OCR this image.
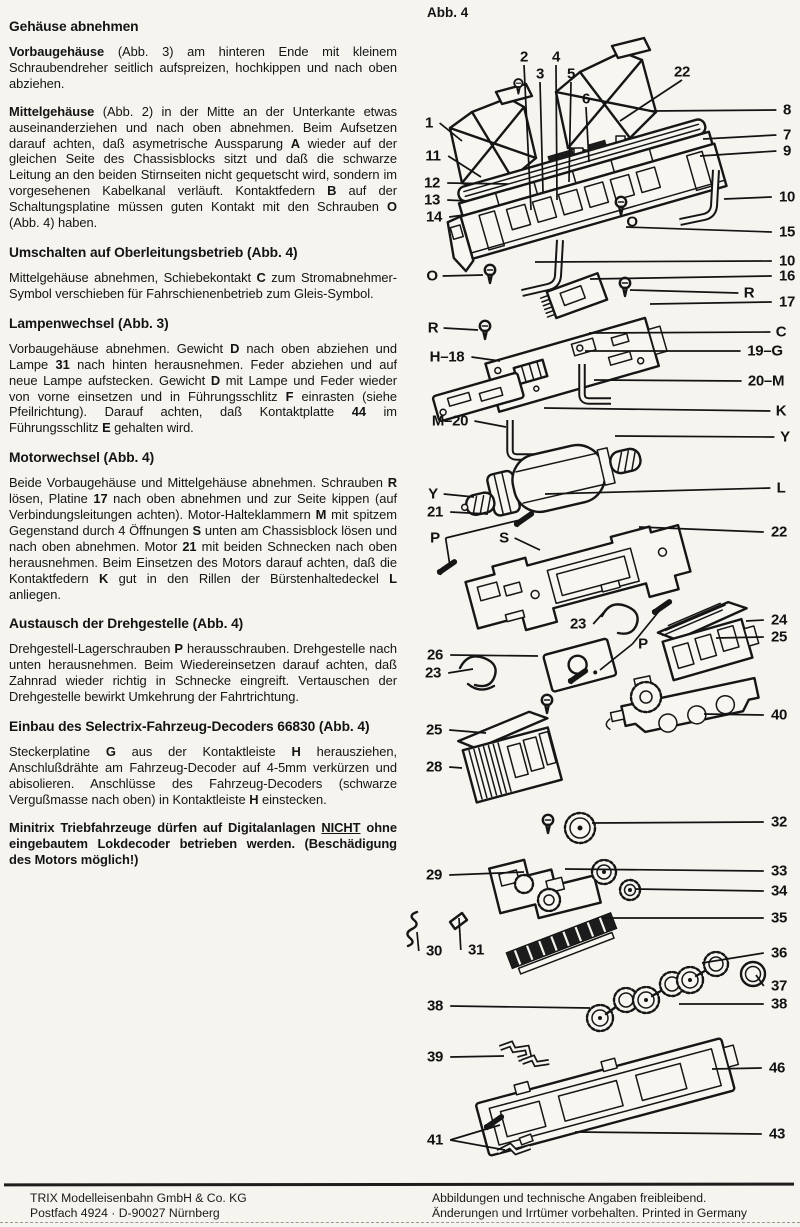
Gehäuse abnehmen

Vorbaugehäuse (Abb. 3) am hinteren Ende mit kleinem Schraubendreher seitlich aufspreizen, hochkippen und nach oben abziehen.

Mittelgehäuse (Abb. 2) in der Mitte an der Unterkante etwas auseinanderziehen und nach oben abnehmen. Beim Aufsetzen darauf achten, daß asymetrische Aussparung A wieder auf der gleichen Seite des Chassisblocks sitzt und daß die schwarze Leitung an den beiden Stirnseiten nicht gequetscht wird, sondern im vorgesehenen Kabelkanal verläuft. Kontaktfedern B auf der Schaltungsplatine müssen guten Kontakt mit den Schrauben O (Abb. 4) haben.

Umschalten auf Oberleitungsbetrieb (Abb. 4)

Mittelgehäuse abnehmen, Schiebekontakt C zum Stromabnehmer-Symbol verschieben für Fahrschienenbetrieb zum Gleis-Symbol.

Lampenwechsel (Abb. 3)

Vorbaugehäuse abnehmen. Gewicht D nach oben abziehen und Lampe 31 nach hinten herausnehmen. Feder abziehen und auf neue Lampe aufstecken. Gewicht D mit Lampe und Feder wieder von vorne einsetzen und in Führungsschlitz F einrasten (siehe Pfeilrichtung). Darauf achten, daß Kontaktplatte 44 im Führungsschlitz E gehalten wird.

Motorwechsel (Abb. 4)

Beide Vorbaugehäuse und Mittelgehäuse abnehmen. Schrauben R lösen, Platine 17 nach oben abnehmen und zur Seite kippen (auf Verbindungsleitungen achten). Motor-Halteklammern M mit spitzem Gegenstand durch 4 Öffnungen S unten am Chassisblock lösen und nach oben abnehmen. Motor 21 mit beiden Schnecken nach oben herausnehmen. Beim Einsetzen des Motors darauf achten, daß die Kontaktfedern K gut in den Rillen der Bürstenhaltedeckel L anliegen.

Austausch der Drehgestelle (Abb. 4)

Drehgestell-Lagerschrauben P herausschrauben. Drehgestelle nach unten herausnehmen. Beim Wiedereinsetzen darauf achten, daß Zahnrad wieder richtig in Schnecke eingreift. Vertauschen der Drehgestelle bewirkt Umkehrung der Fahrtrichtung.

Einbau des Selectrix-Fahrzeug-Decoders 66830 (Abb. 4)

Steckerplatine G aus der Kontaktleiste H herausziehen, Anschlußdrähte am Fahrzeug-Decoder auf 4-5mm verkürzen und abisolieren. Anschlüsse des Fahrzeug-Decoders (schwarze Vergußmasse nach oben) in Kontaktleiste H einstecken.

Minitrix Triebfahrzeuge dürfen auf Digitalanlagen NICHT ohne eingebautem Lokdecoder betrieben werden. (Beschädigung des Motors möglich!)

Abb. 4
2
3
4
5
6
22
1
11
12
13
14
O
R
H–18
M–20
Y
21
P	S
23
P
26
23
25
28
29
30 31
38
39
41
8
7
9
10
15
10
16
R
17
C
19–G
20–M
K
Y
L
22
24
25
40
32
33
34
35
36
37
38
46
43
O
TRIX Modelleisenbahn GmbH & Co. KG
Postfach 4924 · D-90027 Nürnberg
Abbildungen und technische Angaben freibleibend.
Änderungen und Irrtümer vorbehalten. Printed in Germany
